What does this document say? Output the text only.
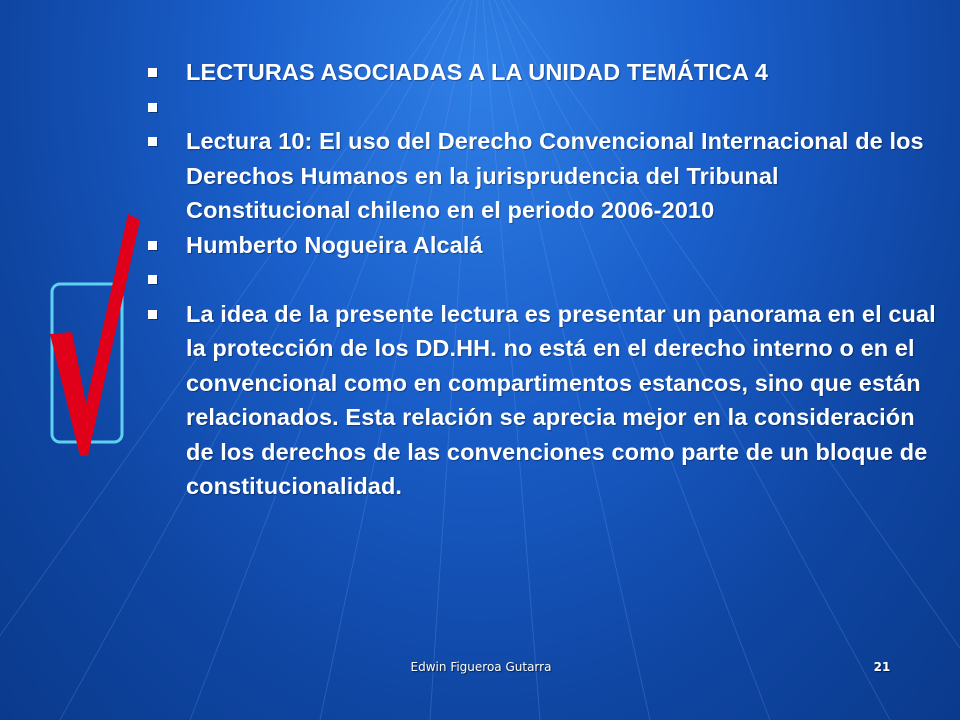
LECTURAS ASOCIADAS A LA UNIDAD TEMÁTICA 4

Lectura 10: El uso del Derecho Convencional Internacional de los Derechos Humanos en la jurisprudencia del Tribunal Constitucional chileno en el periodo 2006-2010
Humberto Nogueira Alcalá

La idea de la presente lectura es presentar un panorama en el cual la protección de los DD.HH. no está en el derecho interno o en el convencional como en compartimentos estancos, sino que están relacionados. Esta relación se aprecia mejor en la consideración de los derechos de las convenciones como parte de un bloque de constitucionalidad.
Edwin Figueroa Gutarra	21
